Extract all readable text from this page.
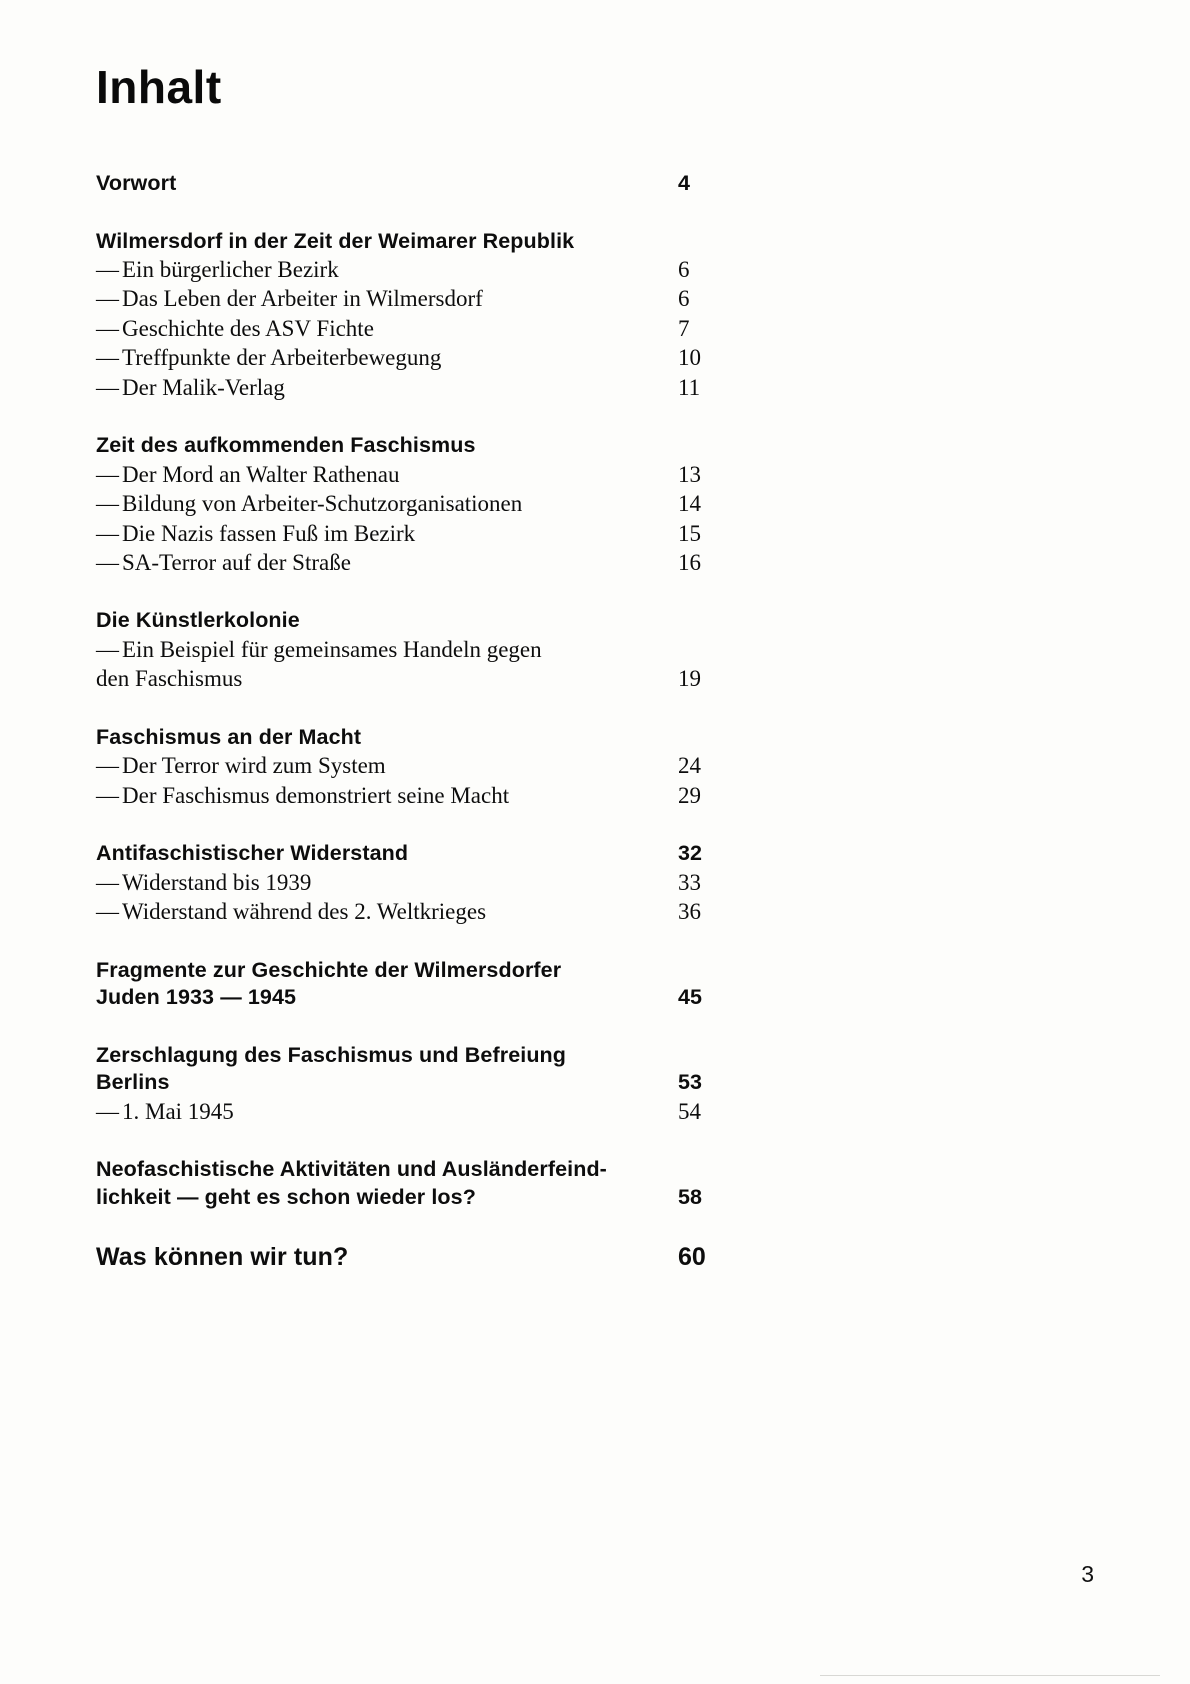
Inhalt
Vorwort	4
Wilmersdorf in der Zeit der Weimarer Republik
— Ein bürgerlicher Bezirk	6
— Das Leben der Arbeiter in Wilmersdorf	6
— Geschichte des ASV Fichte	7
— Treffpunkte der Arbeiterbewegung	10
— Der Malik-Verlag	11
Zeit des aufkommenden Faschismus
— Der Mord an Walter Rathenau	13
— Bildung von Arbeiter-Schutzorganisationen	14
— Die Nazis fassen Fuß im Bezirk	15
— SA-Terror auf der Straße	16
Die Künstlerkolonie
— Ein Beispiel für gemeinsames Handeln gegen
den Faschismus	19
Faschismus an der Macht
— Der Terror wird zum System	24
— Der Faschismus demonstriert seine Macht	29
Antifaschistischer Widerstand	32
— Widerstand bis 1939	33
— Widerstand während des 2. Weltkrieges	36
Fragmente zur Geschichte der Wilmersdorfer
Juden 1933 — 1945	45
Zerschlagung des Faschismus und Befreiung
Berlins	53
— 1. Mai 1945	54
Neofaschistische Aktivitäten und Ausländerfeind-
lichkeit — geht es schon wieder los?	58
Was können wir tun?	60
3
